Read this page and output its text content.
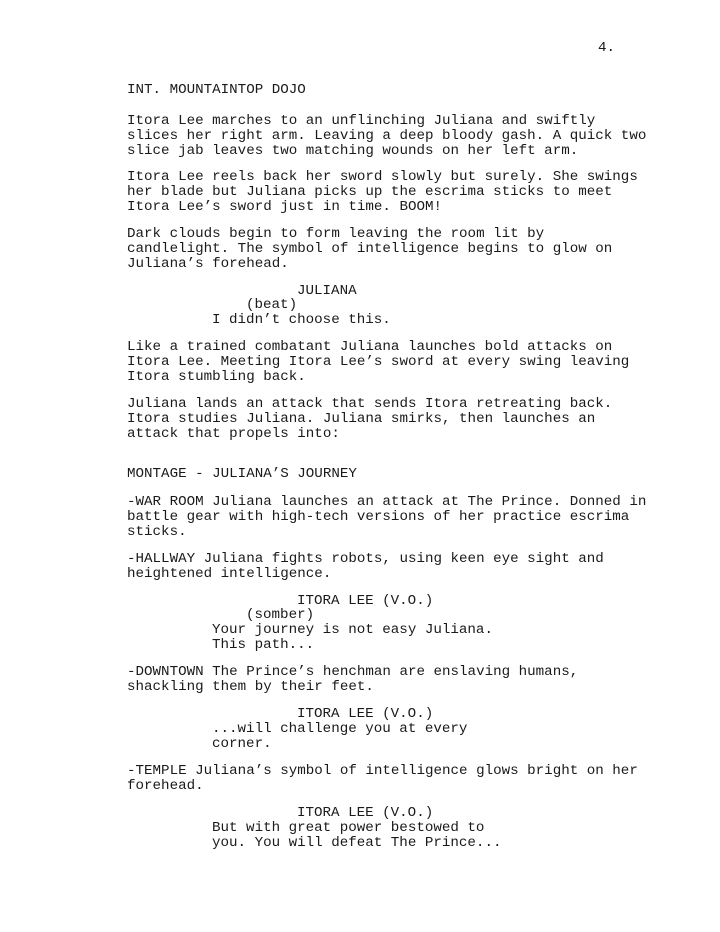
4.
INT. MOUNTAINTOP DOJO
Itora Lee marches to an unflinching Juliana and swiftly
slices her right arm. Leaving a deep bloody gash. A quick two
slice jab leaves two matching wounds on her left arm.
Itora Lee reels back her sword slowly but surely. She swings
her blade but Juliana picks up the escrima sticks to meet
Itora Lee’s sword just in time. BOOM!
Dark clouds begin to form leaving the room lit by
candlelight. The symbol of intelligence begins to glow on
Juliana’s forehead.
JULIANA
(beat)
I didn’t choose this.
Like a trained combatant Juliana launches bold attacks on
Itora Lee. Meeting Itora Lee’s sword at every swing leaving
Itora stumbling back.
Juliana lands an attack that sends Itora retreating back.
Itora studies Juliana. Juliana smirks, then launches an
attack that propels into:
MONTAGE - JULIANA’S JOURNEY
-WAR ROOM Juliana launches an attack at The Prince. Donned in
battle gear with high-tech versions of her practice escrima
sticks.
-HALLWAY Juliana fights robots, using keen eye sight and
heightened intelligence.
ITORA LEE (V.O.)
(somber)
Your journey is not easy Juliana.
This path...
-DOWNTOWN The Prince’s henchman are enslaving humans,
shackling them by their feet.
ITORA LEE (V.O.)
...will challenge you at every
corner.
-TEMPLE Juliana’s symbol of intelligence glows bright on her
forehead.
ITORA LEE (V.O.)
But with great power bestowed to
you. You will defeat The Prince...
